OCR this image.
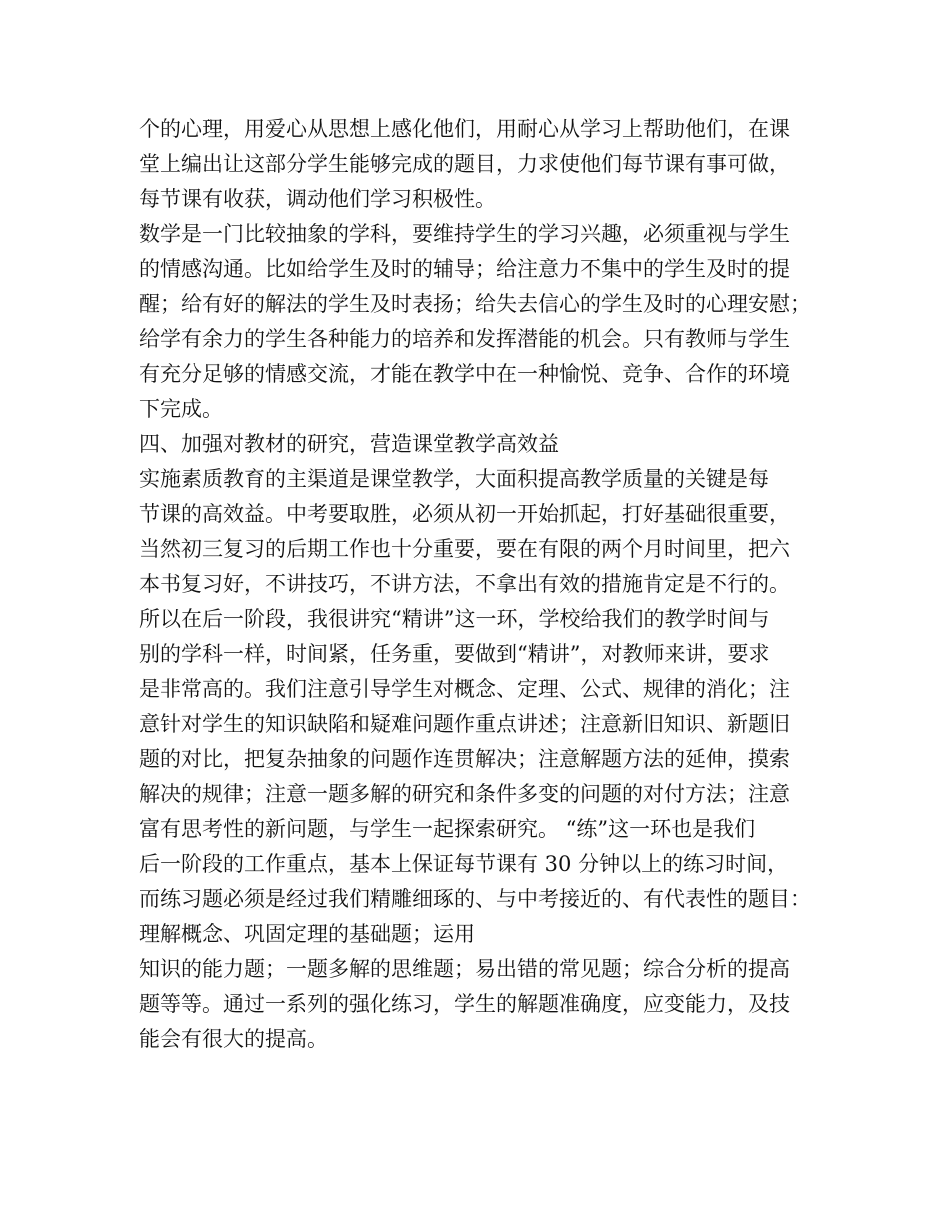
个的心理，用爱心从思想上感化他们，用耐心从学习上帮助他们，在课
堂上编出让这部分学生能够完成的题目，力求使他们每节课有事可做，
每节课有收获，调动他们学习积极性。
数学是一门比较抽象的学科，要维持学生的学习兴趣，必须重视与学生
的情感沟通。比如给学生及时的辅导；给注意力不集中的学生及时的提
醒；给有好的解法的学生及时表扬；给失去信心的学生及时的心理安慰；
给学有余力的学生各种能力的培养和发挥潜能的机会。只有教师与学生
有充分足够的情感交流，才能在教学中在一种愉悦、竞争、合作的环境
下完成。
四、加强对教材的研究，营造课堂教学高效益
实施素质教育的主渠道是课堂教学，大面积提高教学质量的关键是每
节课的高效益。中考要取胜，必须从初一开始抓起，打好基础很重要，
当然初三复习的后期工作也十分重要，要在有限的两个月时间里，把六
本书复习好，不讲技巧，不讲方法，不拿出有效的措施肯定是不行的。
所以在后一阶段，我很讲究“精讲”这一环，学校给我们的教学时间与
别的学科一样，时间紧，任务重，要做到“精讲”，对教师来讲，要求
是非常高的。我们注意引导学生对概念、定理、公式、规律的消化；注
意针对学生的知识缺陷和疑难问题作重点讲述；注意新旧知识、新题旧
题的对比，把复杂抽象的问题作连贯解决；注意解题方法的延伸，摸索
解决的规律；注意一题多解的研究和条件多变的问题的对付方法；注意
富有思考性的新问题，与学生一起探索研究。 “练”这一环也是我们
后一阶段的工作重点，基本上保证每节课有 30 分钟以上的练习时间，
而练习题必须是经过我们精雕细琢的、与中考接近的、有代表性的题目：
理解概念、巩固定理的基础题；运用
知识的能力题；一题多解的思维题；易出错的常见题；综合分析的提高
题等等。通过一系列的强化练习，学生的解题准确度，应变能力，及技
能会有很大的提高。
